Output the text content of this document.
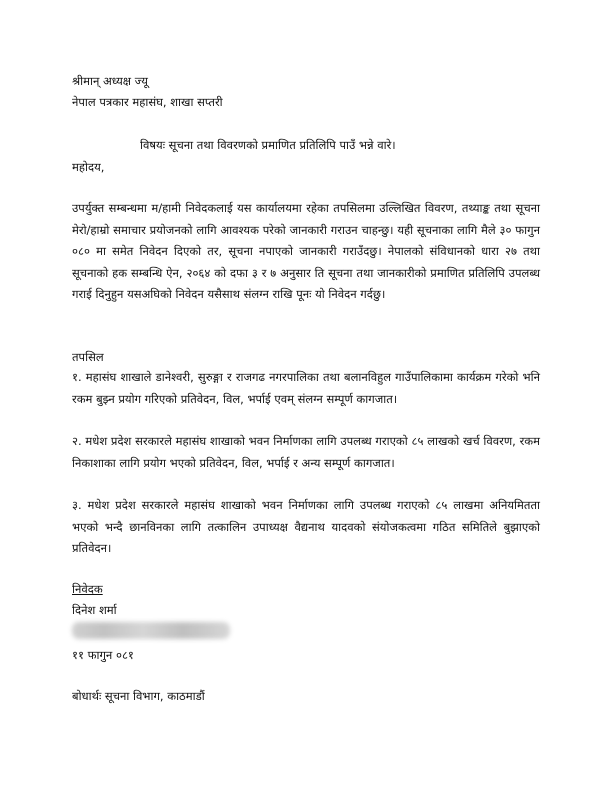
श्रीमान् अध्यक्ष ज्यू
नेपाल पत्रकार महासंघ, शाखा सप्तरी
विषयः सूचना तथा विवरणको प्रमाणित प्रतिलिपि पाउँ भन्ने वारे।
महोदय,
उपर्युक्त सम्बन्धमा म/हामी निवेदकलाई यस कार्यालयमा रहेका तपसिलमा उल्लिखित विवरण, तथ्याङ्क तथा सूचना मेरो/हाम्रो समाचार प्रयोजनको लागि आवश्यक परेको जानकारी गराउन चाहन्छु। यही सूचनाका लागि मैले ३० फागुन ०८० मा समेत निवेदन दिएको तर, सूचना नपाएको जानकारी गराउँदछु। नेपालको संविधानको धारा २७ तथा सूचनाको हक सम्बन्धि ऐन, २०६४ को दफा ३ र ७ अनुसार ति सूचना तथा जानकारीको प्रमाणित प्रतिलिपि उपलब्ध गराई दिनुहुन यसअघिको निवेदन यसैसाथ संलग्न राखि पूनः यो निवेदन गर्दछु।
तपसिल
१. महासंघ शाखाले डानेश्वरी, सुरुङ्गा र राजगढ नगरपालिका तथा बलानविहुल गाउँपालिकामा कार्यक्रम गरेको भनि रकम बुझ्न प्रयोग गरिएको प्रतिवेदन, विल, भर्पाई एवम् संलग्न सम्पूर्ण कागजात।
२. मधेश प्रदेश सरकारले महासंघ शाखाको भवन निर्माणका लागि उपलब्ध गराएको ८५ लाखको खर्च विवरण, रकम निकाशाका लागि प्रयोग भएको प्रतिवेदन, विल, भर्पाई र अन्य सम्पूर्ण कागजात।
३. मधेश प्रदेश सरकारले महासंघ शाखाको भवन निर्माणका लागि उपलब्ध गराएको ८५ लाखमा अनियमितता भएको भन्दै छानविनका लागि तत्कालिन उपाध्यक्ष वैद्यनाथ यादवको संयोजकत्वमा गठित समितिले बुझाएको प्रतिवेदन।
निवेदक
दिनेश शर्मा
११ फागुन ०८१
बोधार्थः सूचना विभाग, काठमाडौं
